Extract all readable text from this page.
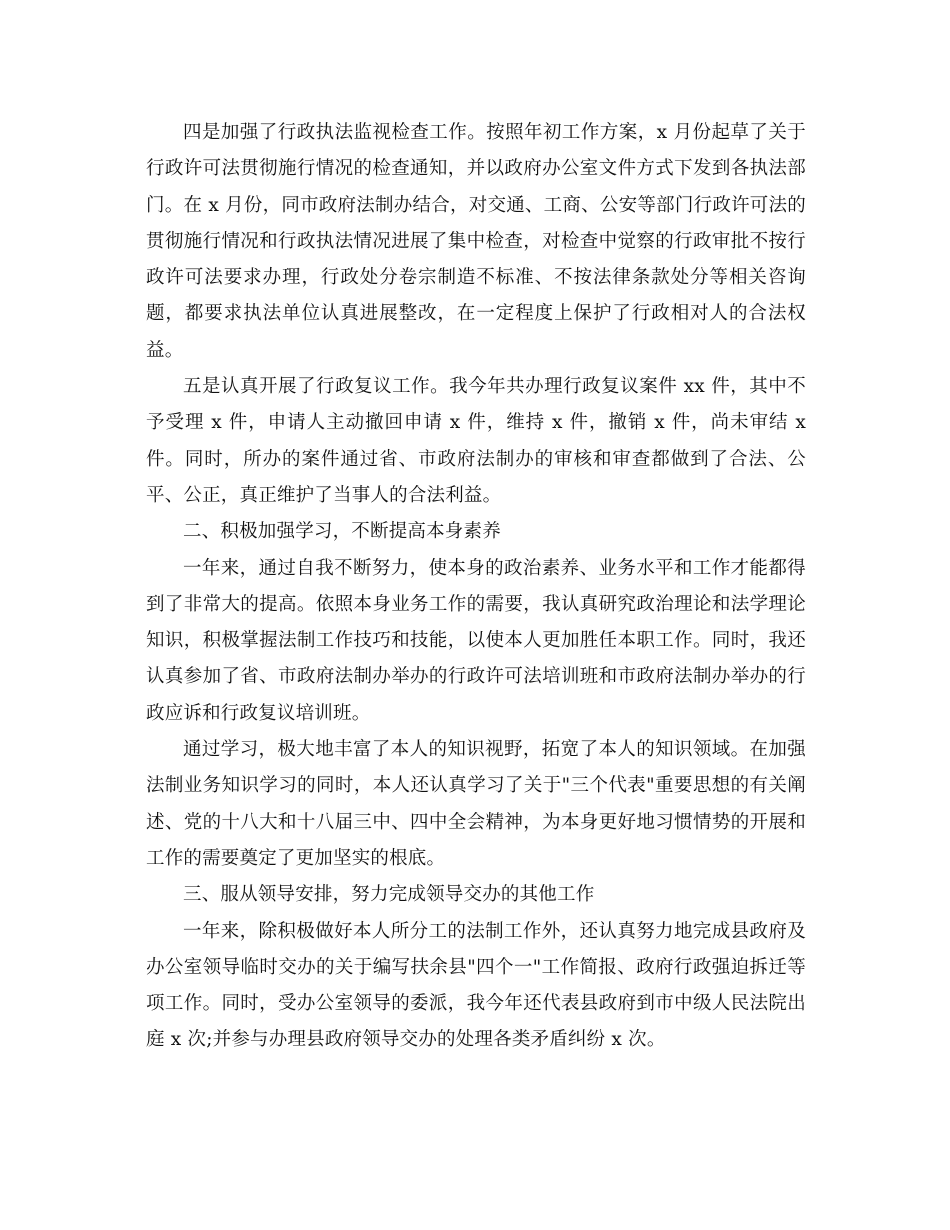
四是加强了行政执法监视检查工作。按照年初工作方案，x 月份起草了关于行政许可法贯彻施行情况的检查通知，并以政府办公室文件方式下发到各执法部门。在 x 月份，同市政府法制办结合，对交通、工商、公安等部门行政许可法的贯彻施行情况和行政执法情况进展了集中检查，对检查中觉察的行政审批不按行政许可法要求办理，行政处分卷宗制造不标准、不按法律条款处分等相关咨询题，都要求执法单位认真进展整改，在一定程度上保护了行政相对人的合法权益。

五是认真开展了行政复议工作。我今年共办理行政复议案件 xx 件，其中不予受理 x 件，申请人主动撤回申请 x 件，维持 x 件，撤销 x 件，尚未审结 x 件。同时，所办的案件通过省、市政府法制办的审核和审查都做到了合法、公平、公正，真正维护了当事人的合法利益。

二、积极加强学习，不断提高本身素养

一年来，通过自我不断努力，使本身的政治素养、业务水平和工作才能都得到了非常大的提高。依照本身业务工作的需要，我认真研究政治理论和法学理论知识，积极掌握法制工作技巧和技能，以使本人更加胜任本职工作。同时，我还认真参加了省、市政府法制办举办的行政许可法培训班和市政府法制办举办的行政应诉和行政复议培训班。

通过学习，极大地丰富了本人的知识视野，拓宽了本人的知识领域。在加强法制业务知识学习的同时，本人还认真学习了关于"三个代表"重要思想的有关阐述、党的十八大和十八届三中、四中全会精神，为本身更好地习惯情势的开展和工作的需要奠定了更加坚实的根底。

三、服从领导安排，努力完成领导交办的其他工作

一年来，除积极做好本人所分工的法制工作外，还认真努力地完成县政府及办公室领导临时交办的关于编写扶余县"四个一"工作简报、政府行政强迫拆迁等项工作。同时，受办公室领导的委派，我今年还代表县政府到市中级人民法院出庭 x 次;并参与办理县政府领导交办的处理各类矛盾纠纷 x 次。
